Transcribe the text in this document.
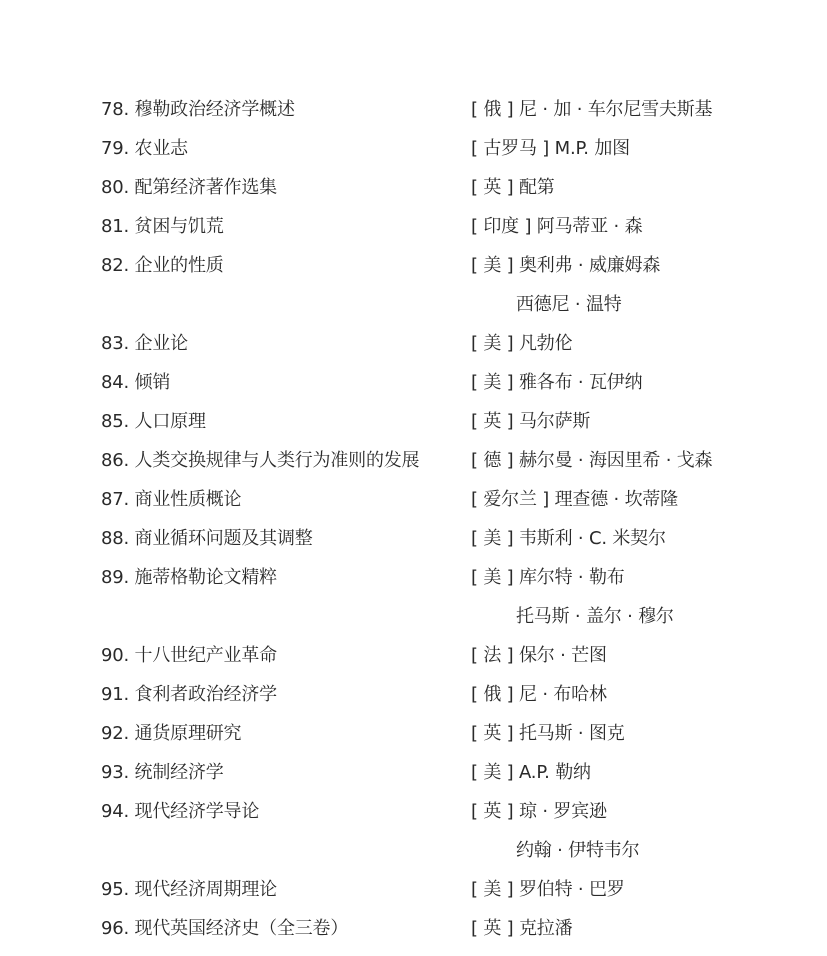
78. 穆勒政治经济学概述	[ 俄 ] 尼 · 加 · 车尔尼雪夫斯基
79. 农业志	[ 古罗马 ] M.P. 加图
80. 配第经济著作选集	[ 英 ] 配第
81. 贫困与饥荒	[ 印度 ] 阿马蒂亚 · 森
82. 企业的性质	[ 美 ] 奥利弗 · 威廉姆森
西德尼 · 温特
83. 企业论	[ 美 ] 凡勃伦
84. 倾销	[ 美 ] 雅各布 · 瓦伊纳
85. 人口原理	[ 英 ] 马尔萨斯
86. 人类交换规律与人类行为准则的发展	[ 德 ] 赫尔曼 · 海因里希 · 戈森
87. 商业性质概论	[ 爱尔兰 ] 理查德 · 坎蒂隆
88. 商业循环问题及其调整	[ 美 ] 韦斯利 · C. 米契尔
89. 施蒂格勒论文精粹	[ 美 ] 库尔特 · 勒布
托马斯 · 盖尔 · 穆尔
90. 十八世纪产业革命	[ 法 ] 保尔 · 芒图
91. 食利者政治经济学	[ 俄 ] 尼 · 布哈林
92. 通货原理研究	[ 英 ] 托马斯 · 图克
93. 统制经济学	[ 美 ] A.P. 勒纳
94. 现代经济学导论	[ 英 ] 琼 · 罗宾逊
约翰 · 伊特韦尔
95. 现代经济周期理论	[ 美 ] 罗伯特 · 巴罗
96. 现代英国经济史（全三卷）	[ 英 ] 克拉潘
